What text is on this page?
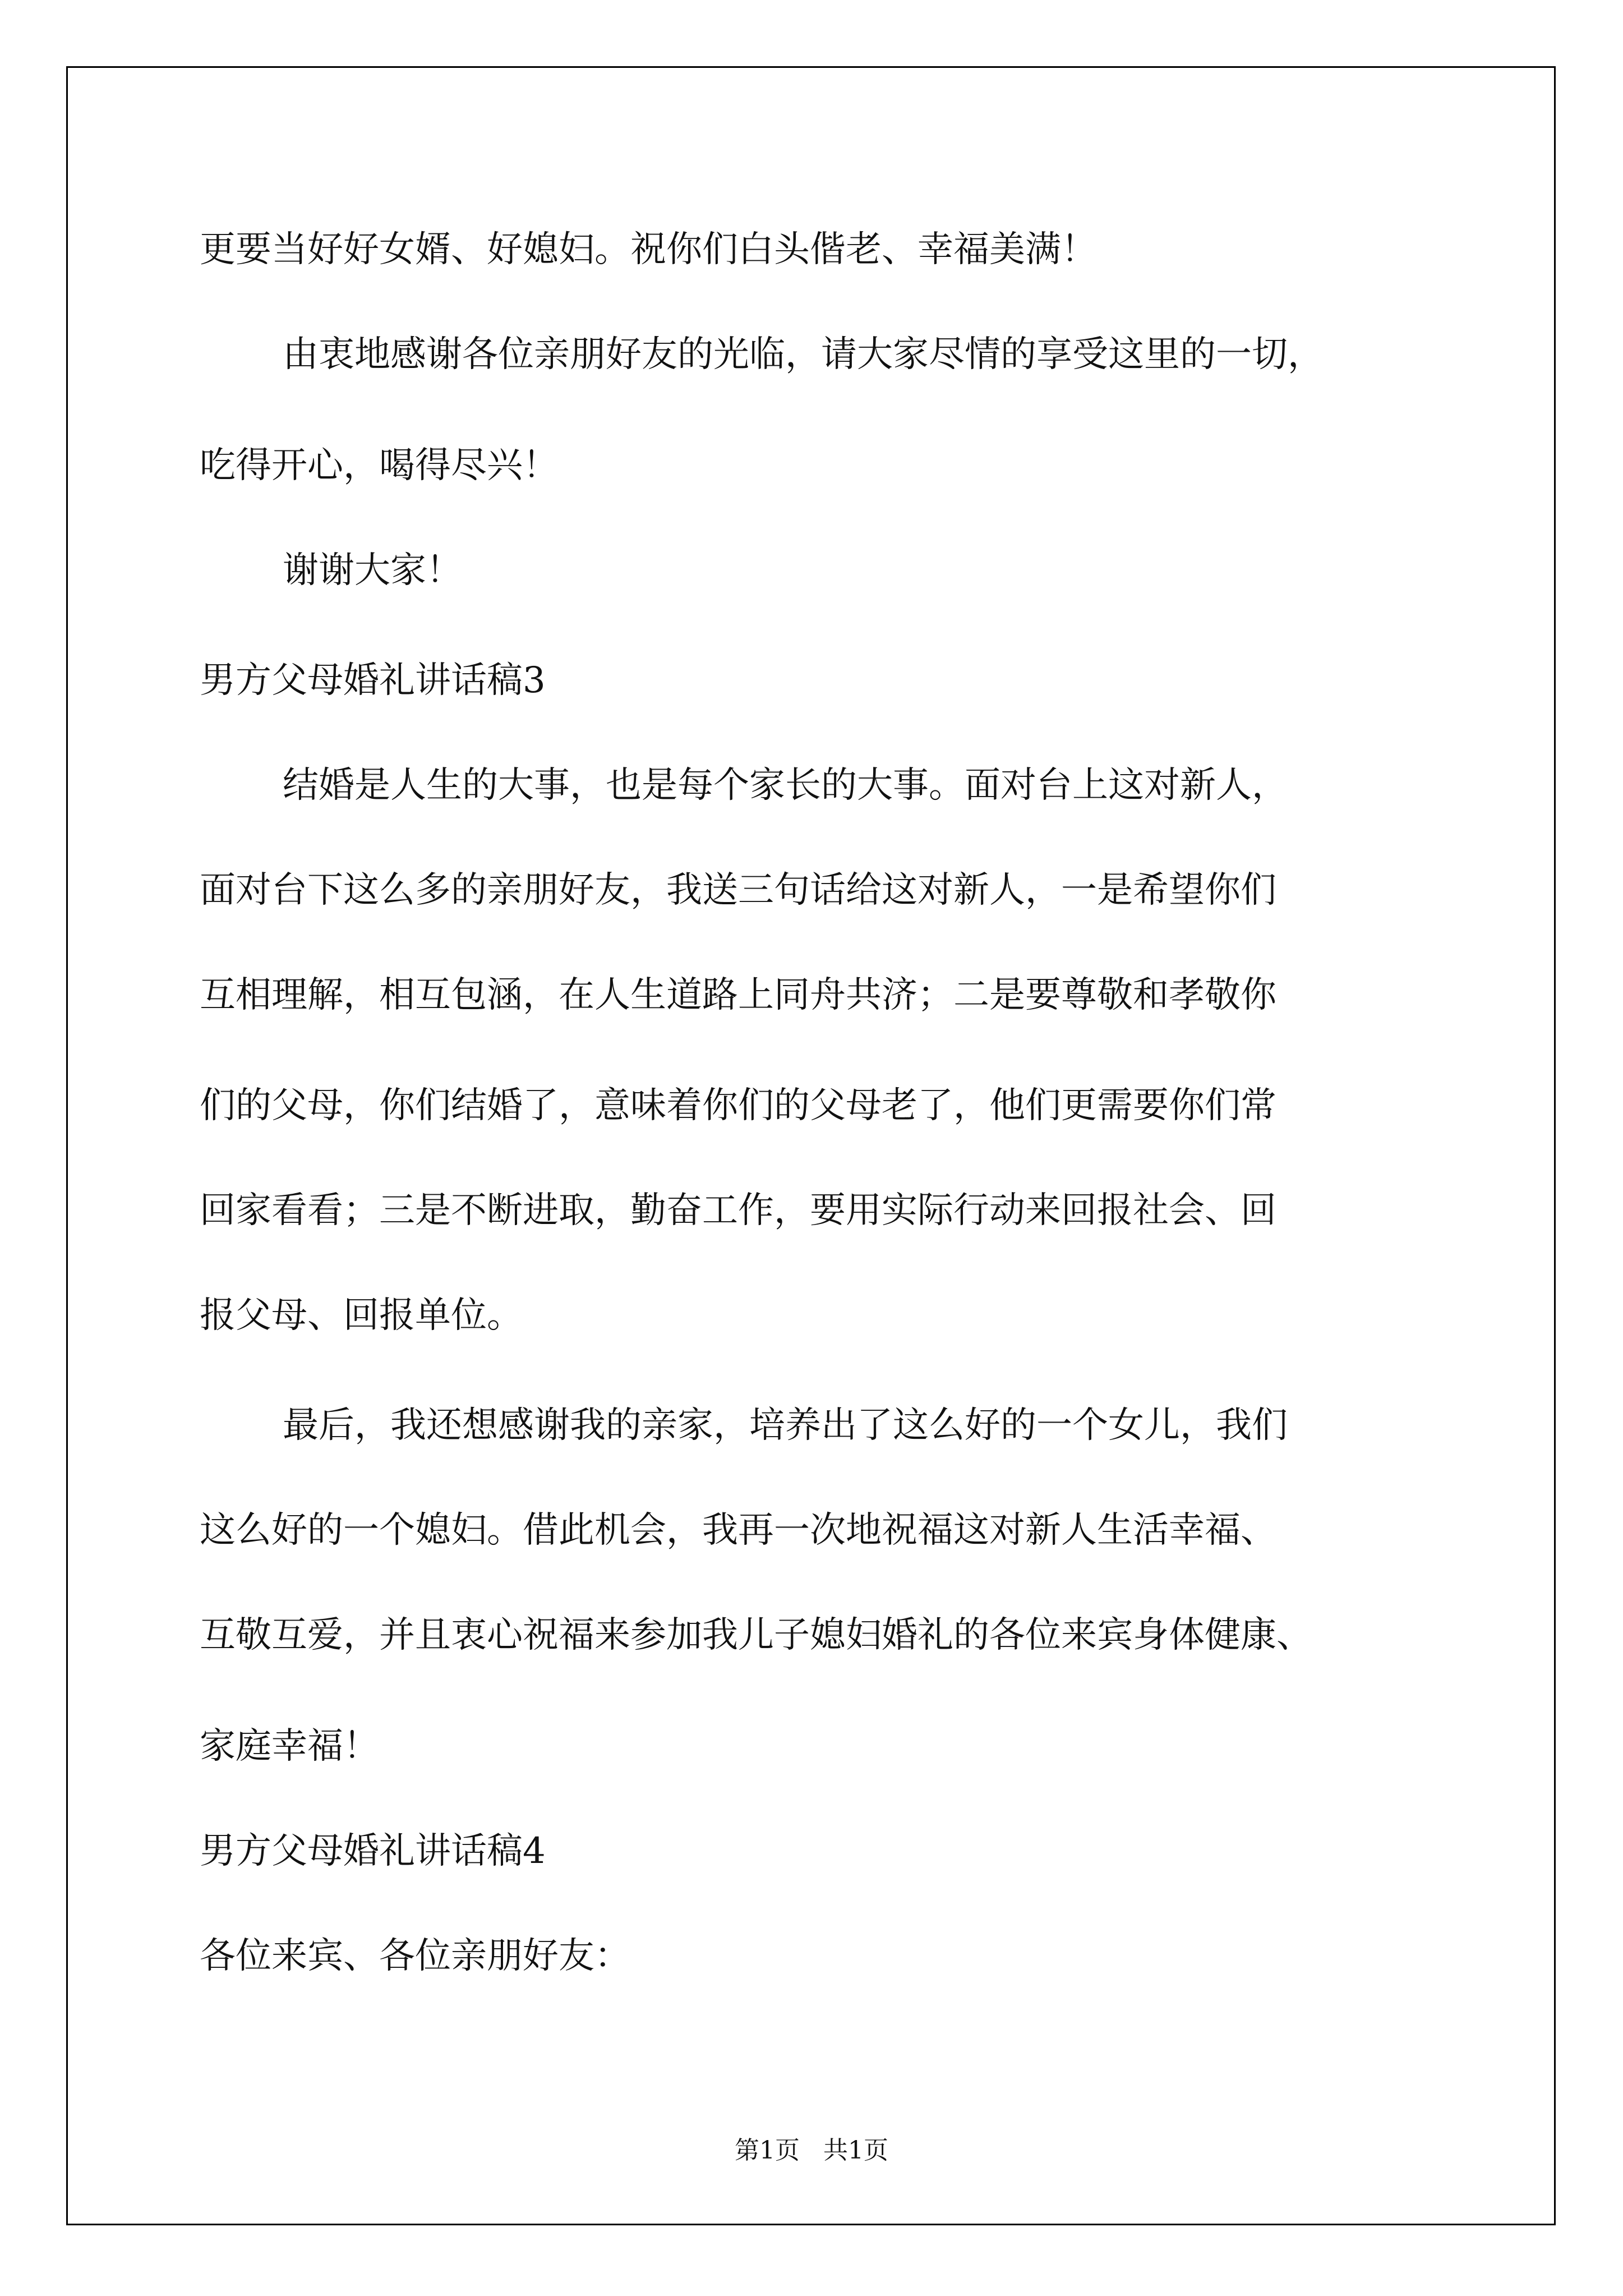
更要当好好女婿、好媳妇。祝你们白头偕老、幸福美满！

由衷地感谢各位亲朋好友的光临，请大家尽情的享受这里的一切，

吃得开心，喝得尽兴！

谢谢大家！

男方父母婚礼讲话稿3

结婚是人生的大事，也是每个家长的大事。面对台上这对新人，

面对台下这么多的亲朋好友，我送三句话给这对新人，一是希望你们

互相理解，相互包涵，在人生道路上同舟共济；二是要尊敬和孝敬你

们的父母，你们结婚了，意味着你们的父母老了，他们更需要你们常

回家看看；三是不断进取，勤奋工作，要用实际行动来回报社会、回

报父母、回报单位。

最后，我还想感谢我的亲家，培养出了这么好的一个女儿，我们

这么好的一个媳妇。借此机会，我再一次地祝福这对新人生活幸福、

互敬互爱，并且衷心祝福来参加我儿子媳妇婚礼的各位来宾身体健康、

家庭幸福！

男方父母婚礼讲话稿4

各位来宾、各位亲朋好友：

第1页   共1页
